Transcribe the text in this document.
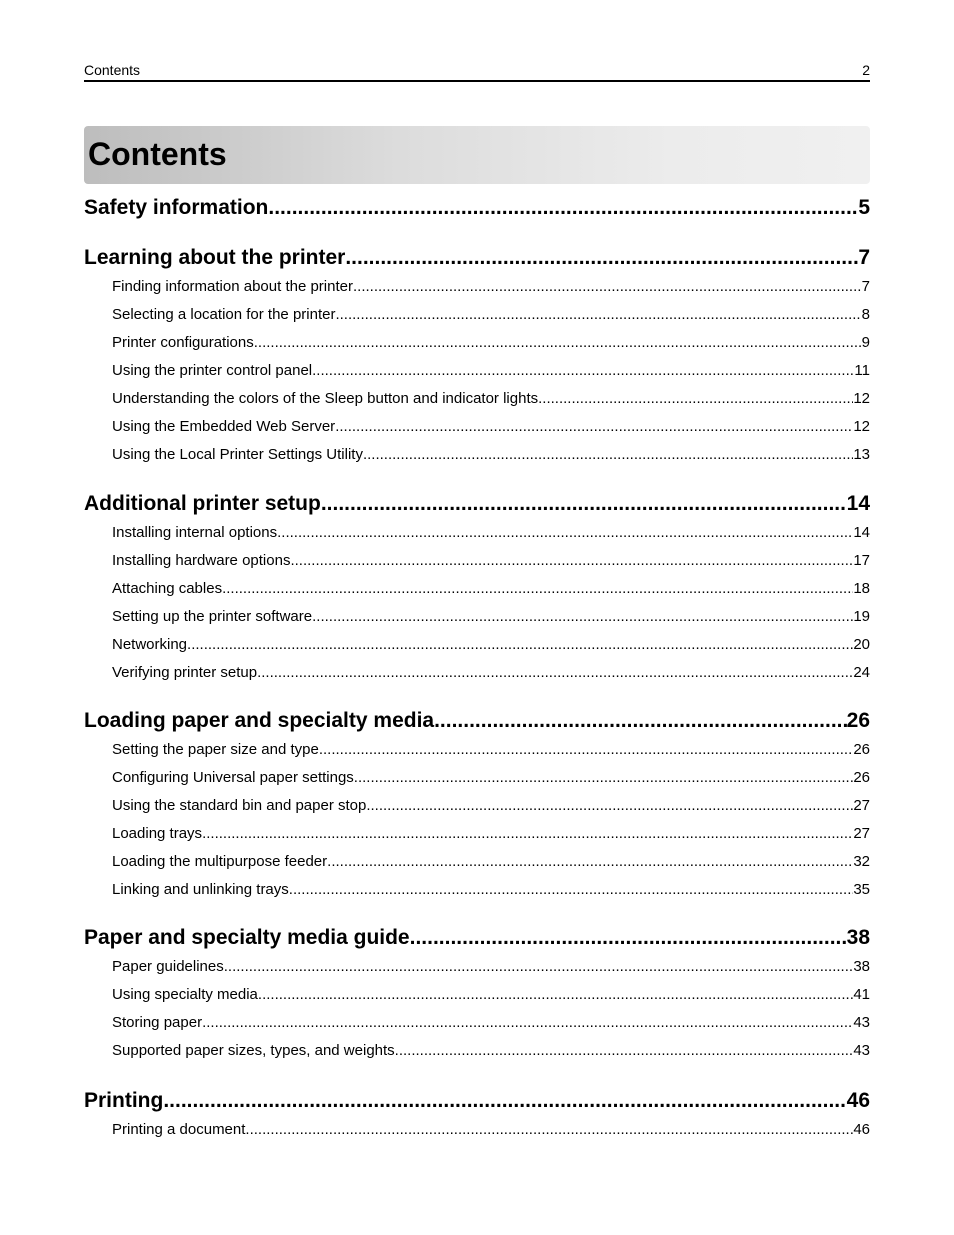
Contents	2
Contents
Safety information .....	5
Learning about the printer .....	7
Finding information about the printer .....	7
Selecting a location for the printer .....	8
Printer configurations .....	9
Using the printer control panel .....	11
Understanding the colors of the Sleep button and indicator lights .....	12
Using the Embedded Web Server .....	12
Using the Local Printer Settings Utility .....	13
Additional printer setup .....	14
Installing internal options .....	14
Installing hardware options .....	17
Attaching cables .....	18
Setting up the printer software .....	19
Networking .....	20
Verifying printer setup .....	24
Loading paper and specialty media .....	26
Setting the paper size and type .....	26
Configuring Universal paper settings .....	26
Using the standard bin and paper stop .....	27
Loading trays .....	27
Loading the multipurpose feeder .....	32
Linking and unlinking trays .....	35
Paper and specialty media guide .....	38
Paper guidelines .....	38
Using specialty media .....	41
Storing paper .....	43
Supported paper sizes, types, and weights .....	43
Printing .....	46
Printing a document .....	46
